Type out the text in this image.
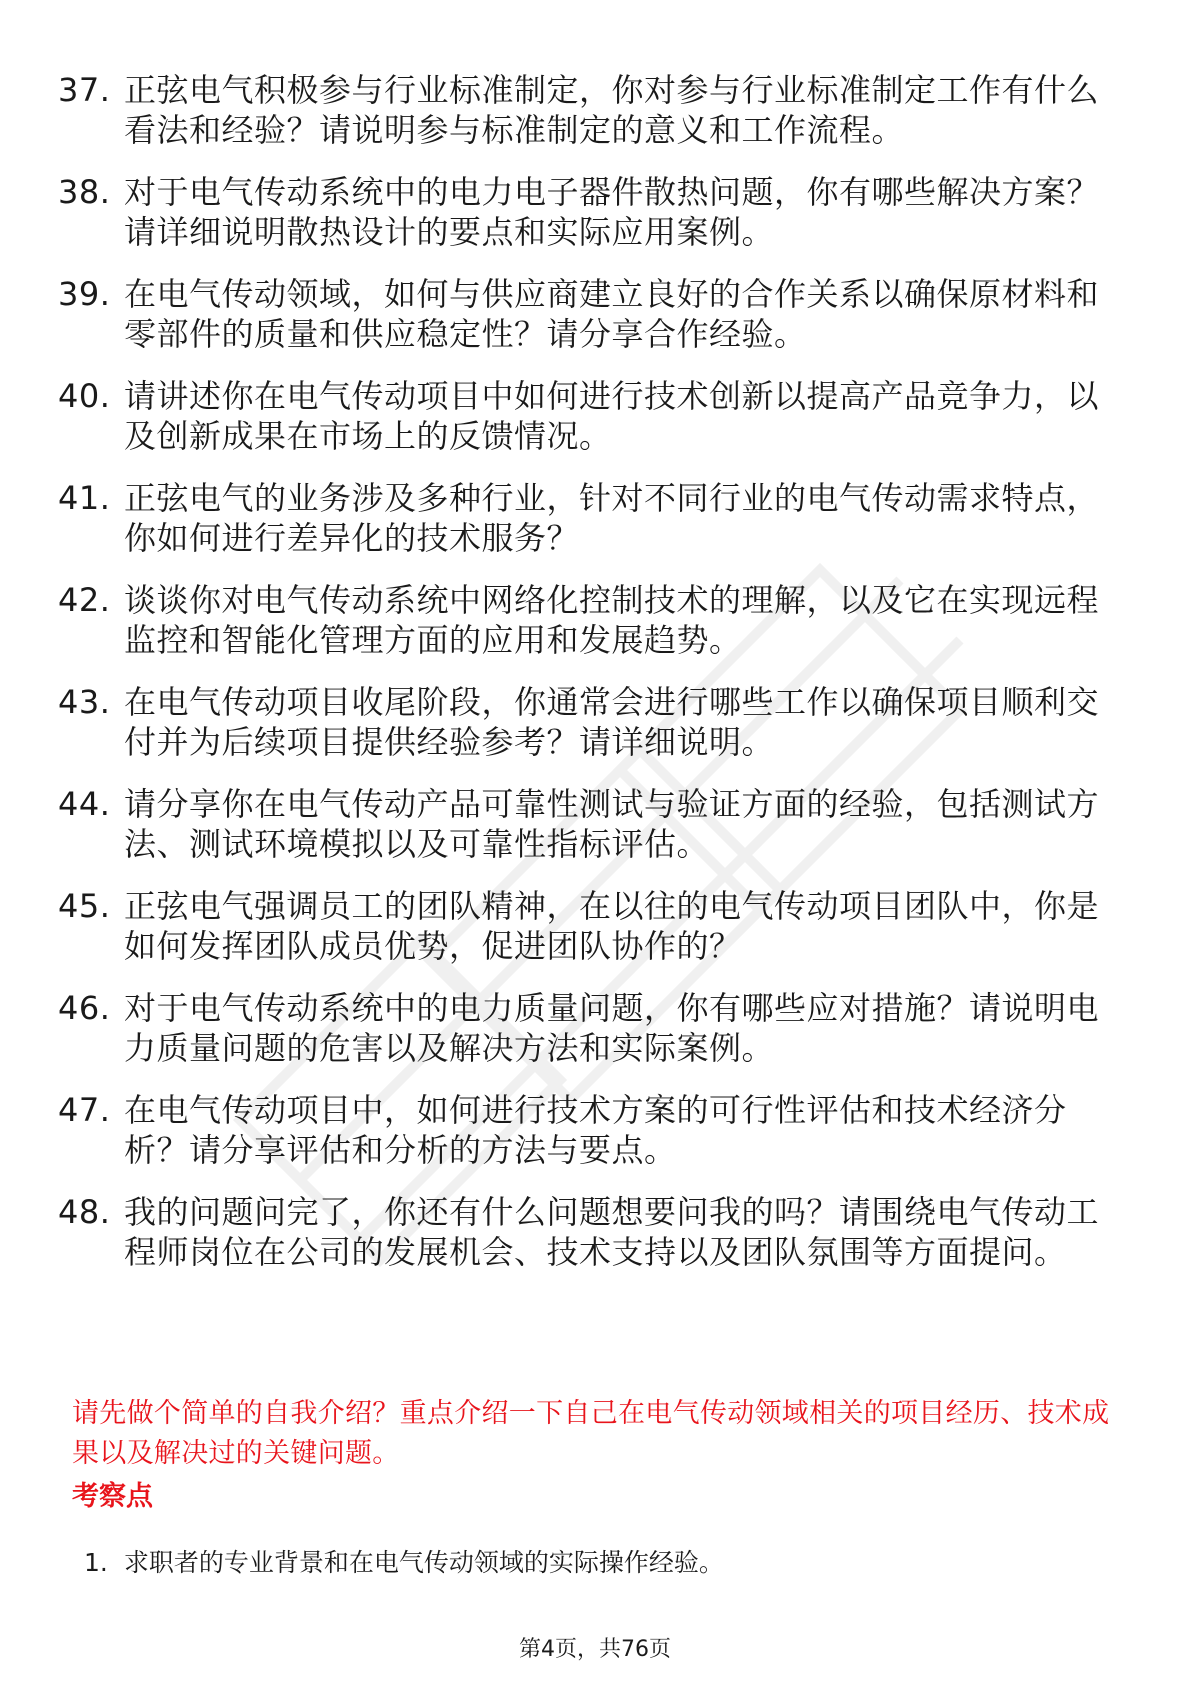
37. 正弦电气积极参与行业标准制定，你对参与行业标准制定工作有什么看法和经验？请说明参与标准制定的意义和工作流程。
38. 对于电气传动系统中的电力电子器件散热问题，你有哪些解决方案？请详细说明散热设计的要点和实际应用案例。
39. 在电气传动领域，如何与供应商建立良好的合作关系以确保原材料和零部件的质量和供应稳定性？请分享合作经验。
40. 请讲述你在电气传动项目中如何进行技术创新以提高产品竞争力，以及创新成果在市场上的反馈情况。
41. 正弦电气的业务涉及多种行业，针对不同行业的电气传动需求特点，你如何进行差异化的技术服务？
42. 谈谈你对电气传动系统中网络化控制技术的理解，以及它在实现远程监控和智能化管理方面的应用和发展趋势。
43. 在电气传动项目收尾阶段，你通常会进行哪些工作以确保项目顺利交付并为后续项目提供经验参考？请详细说明。
44. 请分享你在电气传动产品可靠性测试与验证方面的经验，包括测试方法、测试环境模拟以及可靠性指标评估。
45. 正弦电气强调员工的团队精神，在以往的电气传动项目团队中，你是如何发挥团队成员优势，促进团队协作的？
46. 对于电气传动系统中的电力质量问题，你有哪些应对措施？请说明电力质量问题的危害以及解决方法和实际案例。
47. 在电气传动项目中，如何进行技术方案的可行性评估和技术经济分析？请分享评估和分析的方法与要点。
48. 我的问题问完了，你还有什么问题想要问我的吗？请围绕电气传动工程师岗位在公司的发展机会、技术支持以及团队氛围等方面提问。
请先做个简单的自我介绍？重点介绍一下自己在电气传动领域相关的项目经历、技术成果以及解决过的关键问题。
考察点
1. 求职者的专业背景和在电气传动领域的实际操作经验。
第4页，共76页
